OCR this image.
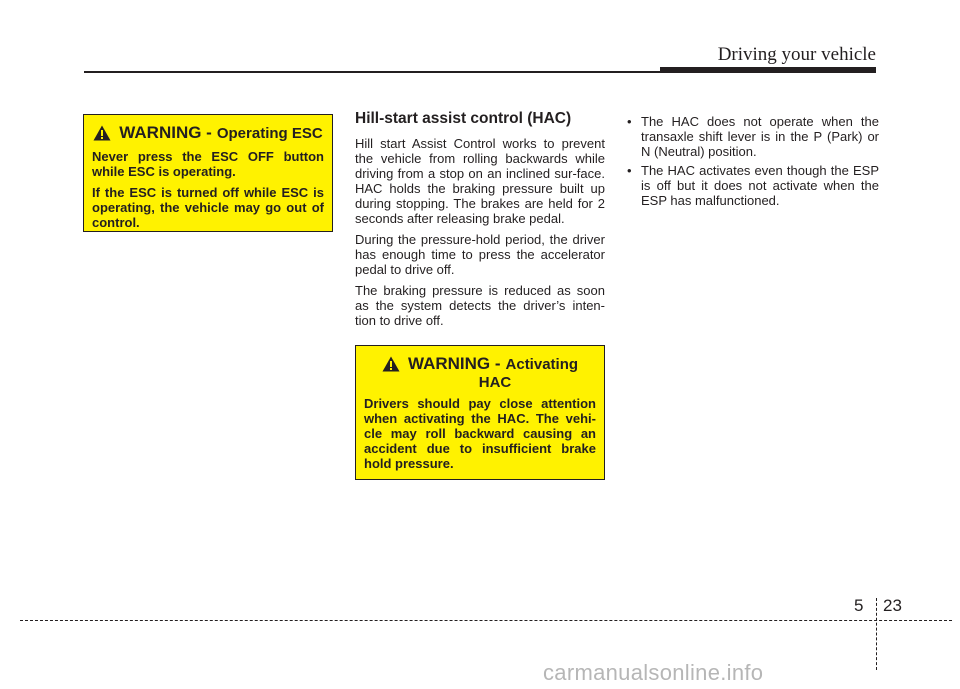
Driving your vehicle
WARNING - Operating ESC

Never press the ESC OFF button while ESC is operating.

If the ESC is turned off while ESC is operating, the vehicle may go out of control.

Hill-start assist control (HAC)

Hill start Assist Control works to prevent the vehicle from rolling backwards while driving from a stop on an inclined sur-face. HAC holds the braking pressure built up during stopping. The brakes are held for 2 seconds after releasing brake pedal.

During the pressure-hold period, the driver has enough time to press the accelerator pedal to drive off.

The braking pressure is reduced as soon as the system detects the driver’s inten-tion to drive off.

WARNING - Activating
HAC

Drivers should pay close attention when activating the HAC. The vehi-cle may roll backward causing an accident due to insufficient brake hold pressure.

• The HAC does not operate when the transaxle shift lever is in the P (Park) or N (Neutral) position.
• The HAC activates even though the ESP is off but it does not activate when the ESP has malfunctioned.
5 23
carmanualsonline.info
